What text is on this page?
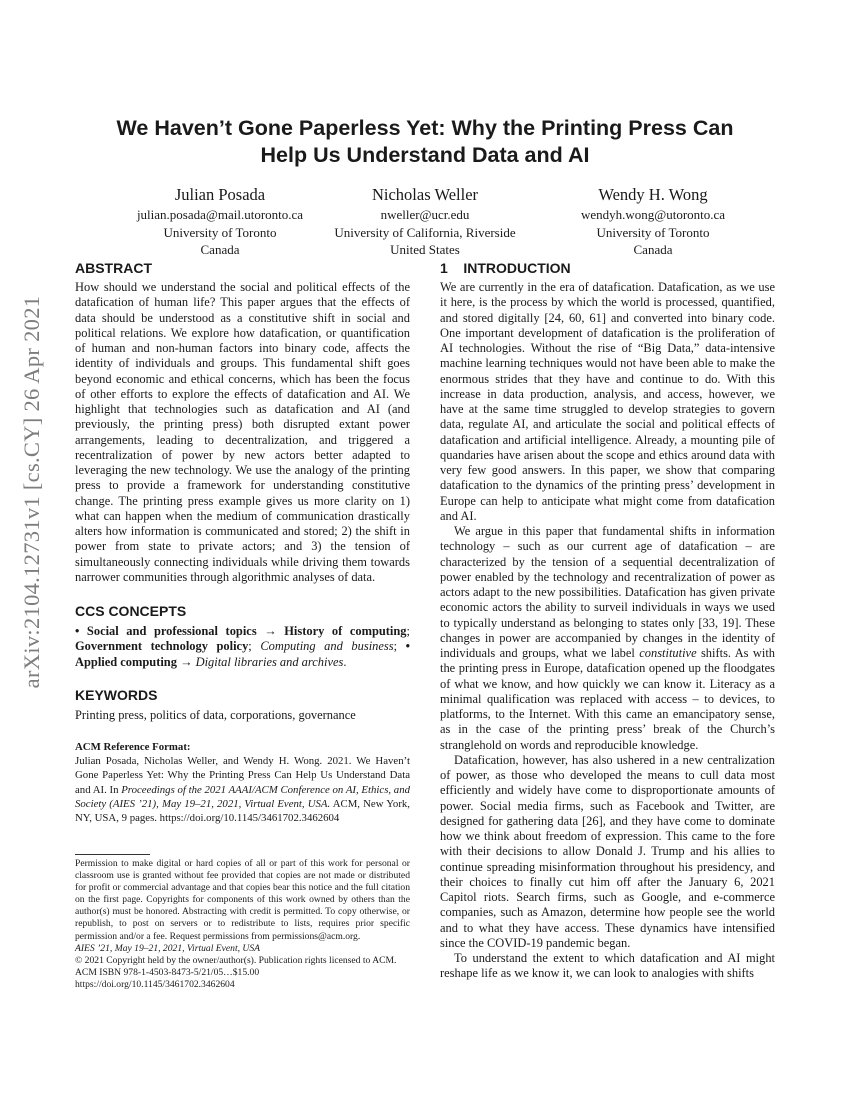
arXiv:2104.12731v1 [cs.CY] 26 Apr 2021
We Haven’t Gone Paperless Yet: Why the Printing Press Can
Help Us Understand Data and AI
Julian Posada
julian.posada@mail.utoronto.ca
University of Toronto
Canada
Nicholas Weller
nweller@ucr.edu
University of California, Riverside
United States
Wendy H. Wong
wendyh.wong@utoronto.ca
University of Toronto
Canada
ABSTRACT

How should we understand the social and political effects of the datafication of human life? This paper argues that the effects of data should be understood as a constitutive shift in social and political relations. We explore how datafication, or quantification of human and non-human factors into binary code, affects the identity of individuals and groups. This fundamental shift goes beyond economic and ethical concerns, which has been the focus of other efforts to explore the effects of datafication and AI. We highlight that technologies such as datafication and AI (and previously, the printing press) both disrupted extant power arrangements, leading to decentralization, and triggered a recentralization of power by new actors better adapted to leveraging the new technology. We use the analogy of the printing press to provide a framework for understanding constitutive change. The printing press example gives us more clarity on 1) what can happen when the medium of communication drastically alters how information is communicated and stored; 2) the shift in power from state to private actors; and 3) the tension of simultaneously connecting individuals while driving them towards narrower communities through algorithmic analyses of data.

CCS CONCEPTS

• Social and professional topics → History of computing; Government technology policy; Computing and business; • Applied computing → Digital libraries and archives.

KEYWORDS

Printing press, politics of data, corporations, governance

ACM Reference Format:

Julian Posada, Nicholas Weller, and Wendy H. Wong. 2021. We Haven’t Gone Paperless Yet: Why the Printing Press Can Help Us Understand Data and AI. In Proceedings of the 2021 AAAI/ACM Conference on AI, Ethics, and Society (AIES ’21), May 19–21, 2021, Virtual Event, USA. ACM, New York, NY, USA, 9 pages. https://doi.org/10.1145/3461702.3462604

Permission to make digital or hard copies of all or part of this work for personal or classroom use is granted without fee provided that copies are not made or distributed for profit or commercial advantage and that copies bear this notice and the full citation on the first page. Copyrights for components of this work owned by others than the author(s) must be honored. Abstracting with credit is permitted. To copy otherwise, or republish, to post on servers or to redistribute to lists, requires prior specific permission and/or a fee. Request permissions from permissions@acm.org.

AIES ’21, May 19–21, 2021, Virtual Event, USA

© 2021 Copyright held by the owner/author(s). Publication rights licensed to ACM.

ACM ISBN 978-1-4503-8473-5/21/05…$15.00

https://doi.org/10.1145/3461702.3462604

1    INTRODUCTION

We are currently in the era of datafication. Datafication, as we use it here, is the process by which the world is processed, quantified, and stored digitally [24, 60, 61] and converted into binary code. One important development of datafication is the proliferation of AI technologies. Without the rise of “Big Data,” data-intensive machine learning techniques would not have been able to make the enormous strides that they have and continue to do. With this increase in data production, analysis, and access, however, we have at the same time struggled to develop strategies to govern data, regulate AI, and articulate the social and political effects of datafication and artificial intelligence. Already, a mounting pile of quandaries have arisen about the scope and ethics around data with very few good answers. In this paper, we show that comparing datafication to the dynamics of the printing press’ development in Europe can help to anticipate what might come from datafication and AI.

We argue in this paper that fundamental shifts in information technology – such as our current age of datafication – are characterized by the tension of a sequential decentralization of power enabled by the technology and recentralization of power as actors adapt to the new possibilities. Datafication has given private economic actors the ability to surveil individuals in ways we used to typically understand as belonging to states only [33, 19]. These changes in power are accompanied by changes in the identity of individuals and groups, what we label constitutive shifts. As with the printing press in Europe, datafication opened up the floodgates of what we know, and how quickly we can know it. Literacy as a minimal qualification was replaced with access – to devices, to platforms, to the Internet. With this came an emancipatory sense, as in the case of the printing press’ break of the Church’s stranglehold on words and reproducible knowledge.

Datafication, however, has also ushered in a new centralization of power, as those who developed the means to cull data most efficiently and widely have come to disproportionate amounts of power. Social media firms, such as Facebook and Twitter, are designed for gathering data [26], and they have come to dominate how we think about freedom of expression. This came to the fore with their decisions to allow Donald J. Trump and his allies to continue spreading misinformation throughout his presidency, and their choices to finally cut him off after the January 6, 2021 Capitol riots. Search firms, such as Google, and e-commerce companies, such as Amazon, determine how people see the world and to what they have access. These dynamics have intensified since the COVID-19 pandemic began.

To understand the extent to which datafication and AI might reshape life as we know it, we can look to analogies with shifts
